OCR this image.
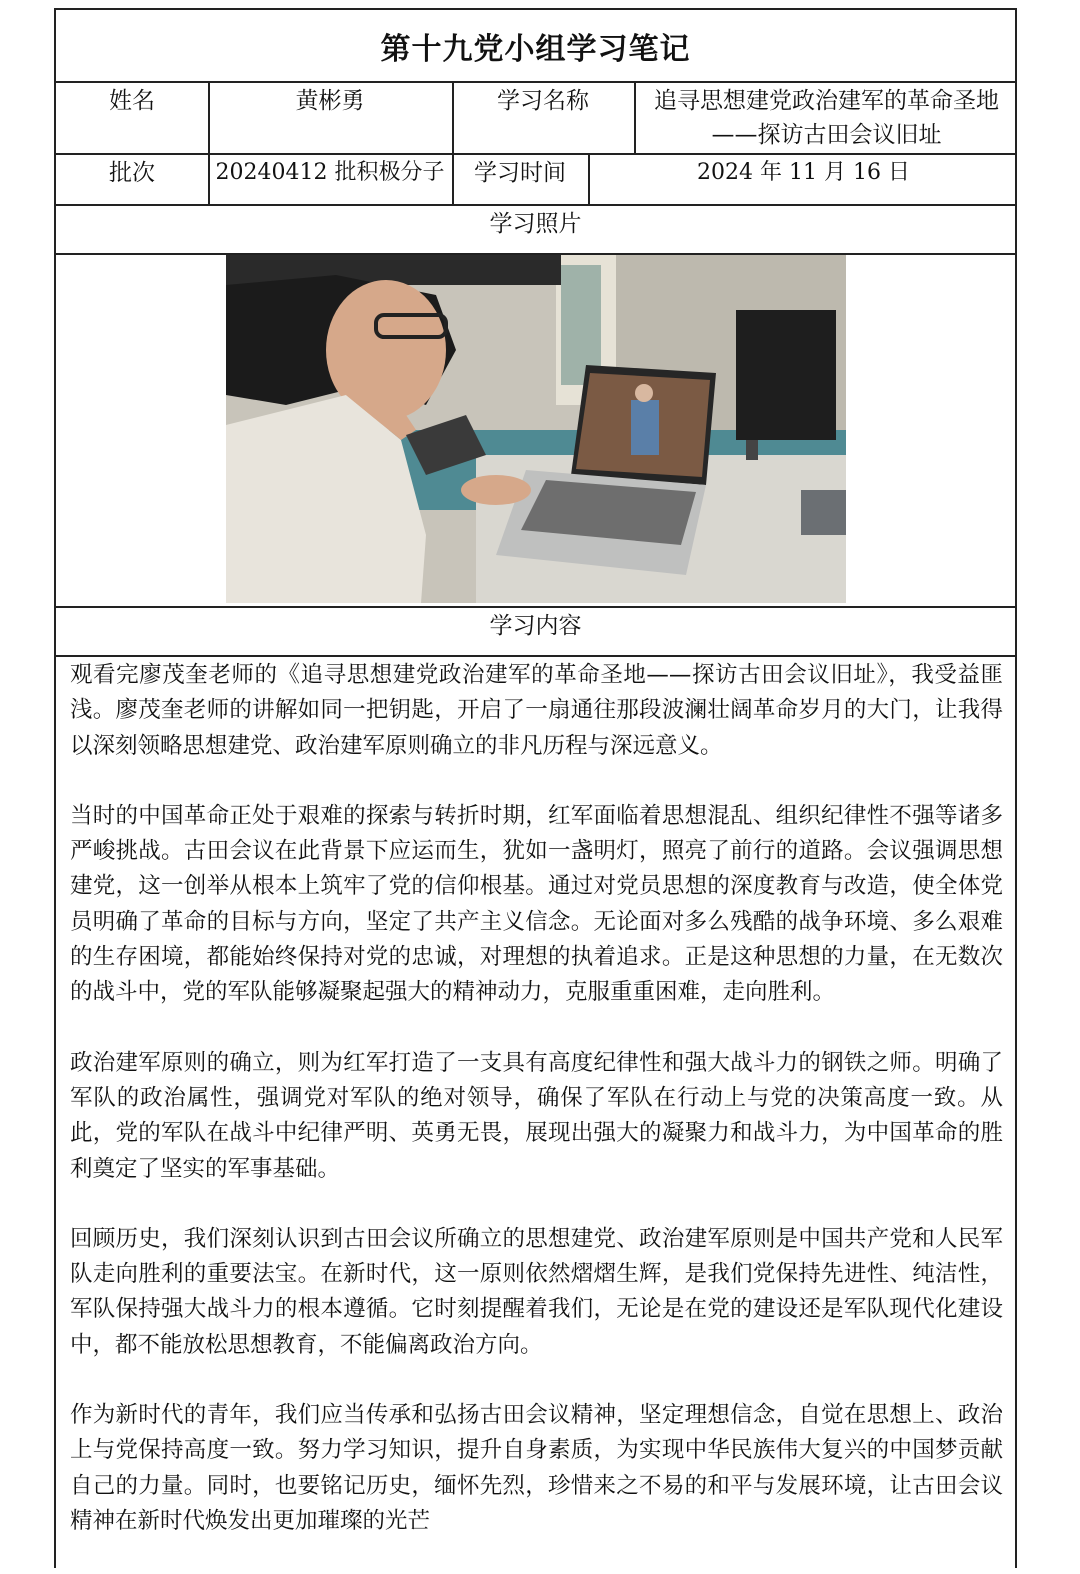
第十九党小组学习笔记
姓名	黄彬勇	学习名称	追寻思想建党政治建军的革命圣地
——探访古田会议旧址
批次	20240412 批积极分子	学习时间	2024 年 11 月 16 日
学习照片
学习内容

观看完廖茂奎老师的《追寻思想建党政治建军的革命圣地——探访古田会议旧址》，我受益匪浅。廖茂奎老师的讲解如同一把钥匙，开启了一扇通往那段波澜壮阔革命岁月的大门，让我得以深刻领略思想建党、政治建军原则确立的非凡历程与深远意义。

当时的中国革命正处于艰难的探索与转折时期，红军面临着思想混乱、组织纪律性不强等诸多严峻挑战。古田会议在此背景下应运而生，犹如一盏明灯，照亮了前行的道路。会议强调思想建党，这一创举从根本上筑牢了党的信仰根基。通过对党员思想的深度教育与改造，使全体党员明确了革命的目标与方向，坚定了共产主义信念。无论面对多么残酷的战争环境、多么艰难的生存困境，都能始终保持对党的忠诚，对理想的执着追求。正是这种思想的力量，在无数次的战斗中，党的军队能够凝聚起强大的精神动力，克服重重困难，走向胜利。

政治建军原则的确立，则为红军打造了一支具有高度纪律性和强大战斗力的钢铁之师。明确了军队的政治属性，强调党对军队的绝对领导，确保了军队在行动上与党的决策高度一致。从此，党的军队在战斗中纪律严明、英勇无畏，展现出强大的凝聚力和战斗力，为中国革命的胜利奠定了坚实的军事基础。

回顾历史，我们深刻认识到古田会议所确立的思想建党、政治建军原则是中国共产党和人民军队走向胜利的重要法宝。在新时代，这一原则依然熠熠生辉，是我们党保持先进性、纯洁性，军队保持强大战斗力的根本遵循。它时刻提醒着我们，无论是在党的建设还是军队现代化建设中，都不能放松思想教育，不能偏离政治方向。

作为新时代的青年，我们应当传承和弘扬古田会议精神，坚定理想信念，自觉在思想上、政治上与党保持高度一致。努力学习知识，提升自身素质，为实现中华民族伟大复兴的中国梦贡献自己的力量。同时，也要铭记历史，缅怀先烈，珍惜来之不易的和平与发展环境，让古田会议精神在新时代焕发出更加璀璨的光芒
